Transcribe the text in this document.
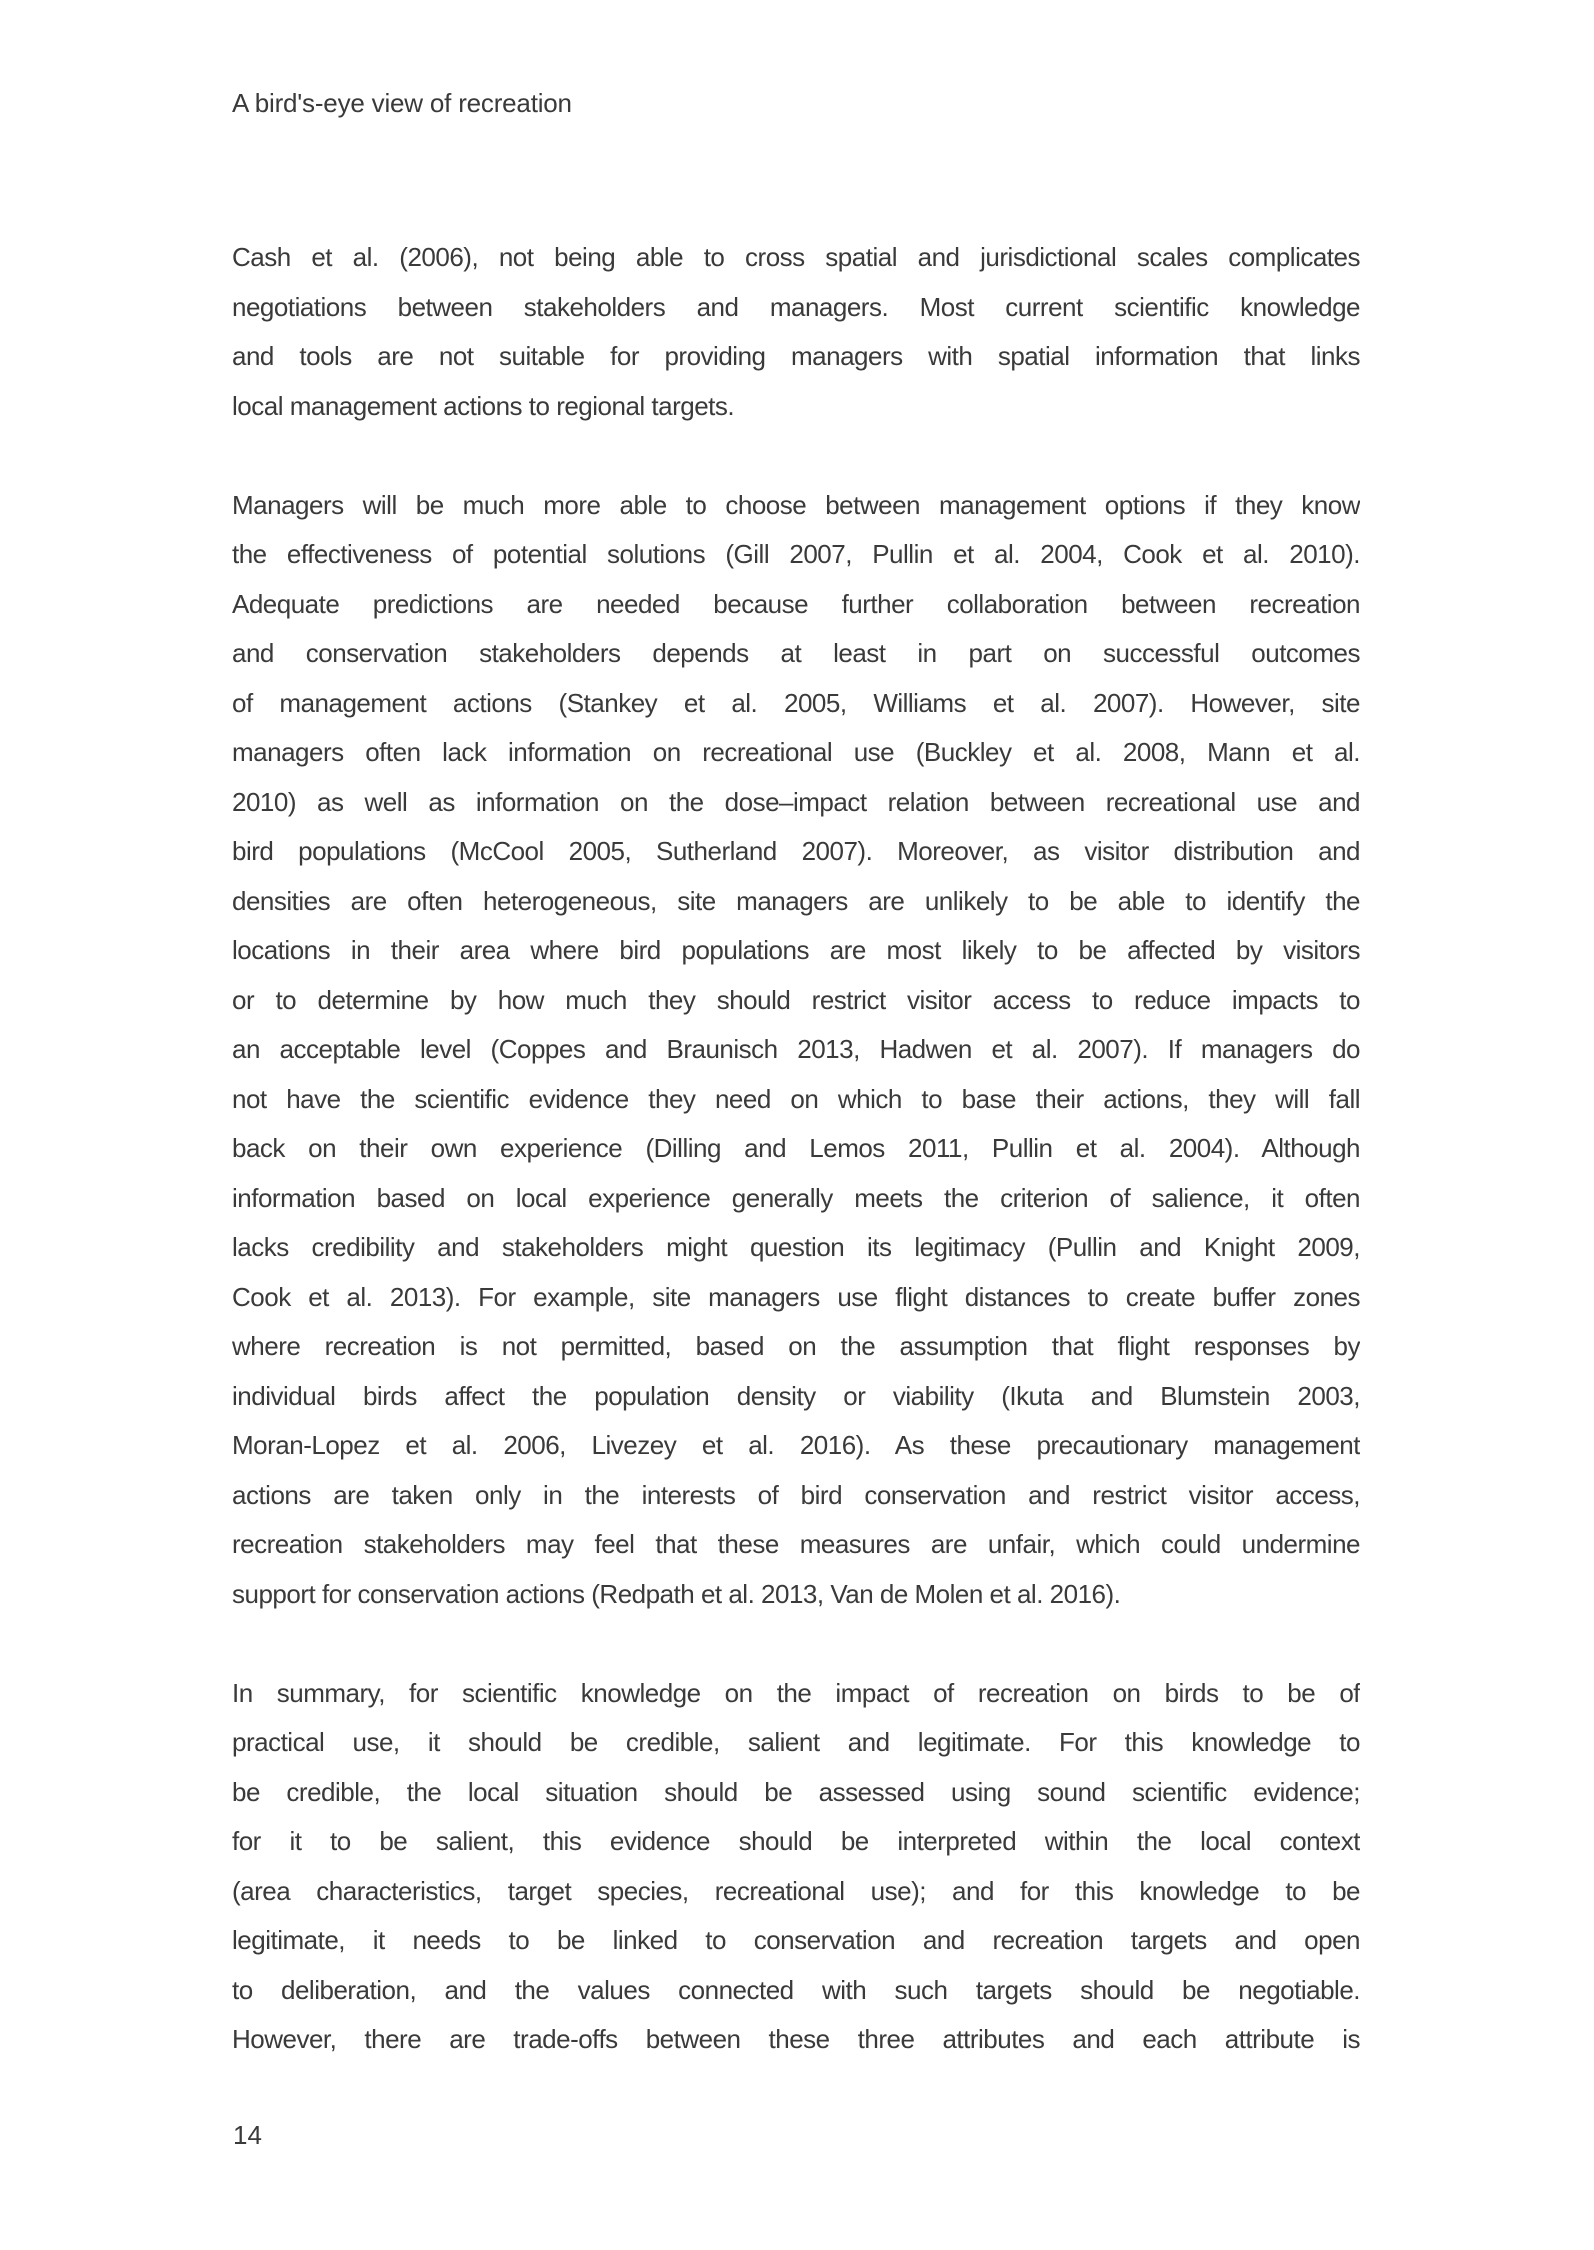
A bird's-eye view of recreation
Cash et al. (2006), not being able to cross spatial and jurisdictional scales complicates
negotiations between stakeholders and managers. Most current scientific knowledge
and tools are not suitable for providing managers with spatial information that links
local management actions to regional targets.
Managers will be much more able to choose between management options if they know
the effectiveness of potential solutions (Gill 2007, Pullin et al. 2004, Cook et al. 2010).
Adequate predictions are needed because further collaboration between recreation
and conservation stakeholders depends at least in part on successful outcomes
of management actions (Stankey et al. 2005, Williams et al. 2007). However, site
managers often lack information on recreational use (Buckley et al. 2008, Mann et al.
2010) as well as information on the dose–impact relation between recreational use and
bird populations (McCool 2005, Sutherland 2007). Moreover, as visitor distribution and
densities are often heterogeneous, site managers are unlikely to be able to identify the
locations in their area where bird populations are most likely to be affected by visitors
or to determine by how much they should restrict visitor access to reduce impacts to
an acceptable level (Coppes and Braunisch 2013, Hadwen et al. 2007). If managers do
not have the scientific evidence they need on which to base their actions, they will fall
back on their own experience (Dilling and Lemos 2011, Pullin et al. 2004). Although
information based on local experience generally meets the criterion of salience, it often
lacks credibility and stakeholders might question its legitimacy (Pullin and Knight 2009,
Cook et al. 2013). For example, site managers use flight distances to create buffer zones
where recreation is not permitted, based on the assumption that flight responses by
individual birds affect the population density or viability (Ikuta and Blumstein 2003,
Moran-Lopez et al. 2006, Livezey et al. 2016). As these precautionary management
actions are taken only in the interests of bird conservation and restrict visitor access,
recreation stakeholders may feel that these measures are unfair, which could undermine
support for conservation actions (Redpath et al. 2013, Van de Molen et al. 2016).
In summary, for scientific knowledge on the impact of recreation on birds to be of
practical use, it should be credible, salient and legitimate. For this knowledge to
be credible, the local situation should be assessed using sound scientific evidence;
for it to be salient, this evidence should be interpreted within the local context
(area characteristics, target species, recreational use); and for this knowledge to be
legitimate, it needs to be linked to conservation and recreation targets and open
to deliberation, and the values connected with such targets should be negotiable.
However, there are trade-offs between these three attributes and each attribute is
14
